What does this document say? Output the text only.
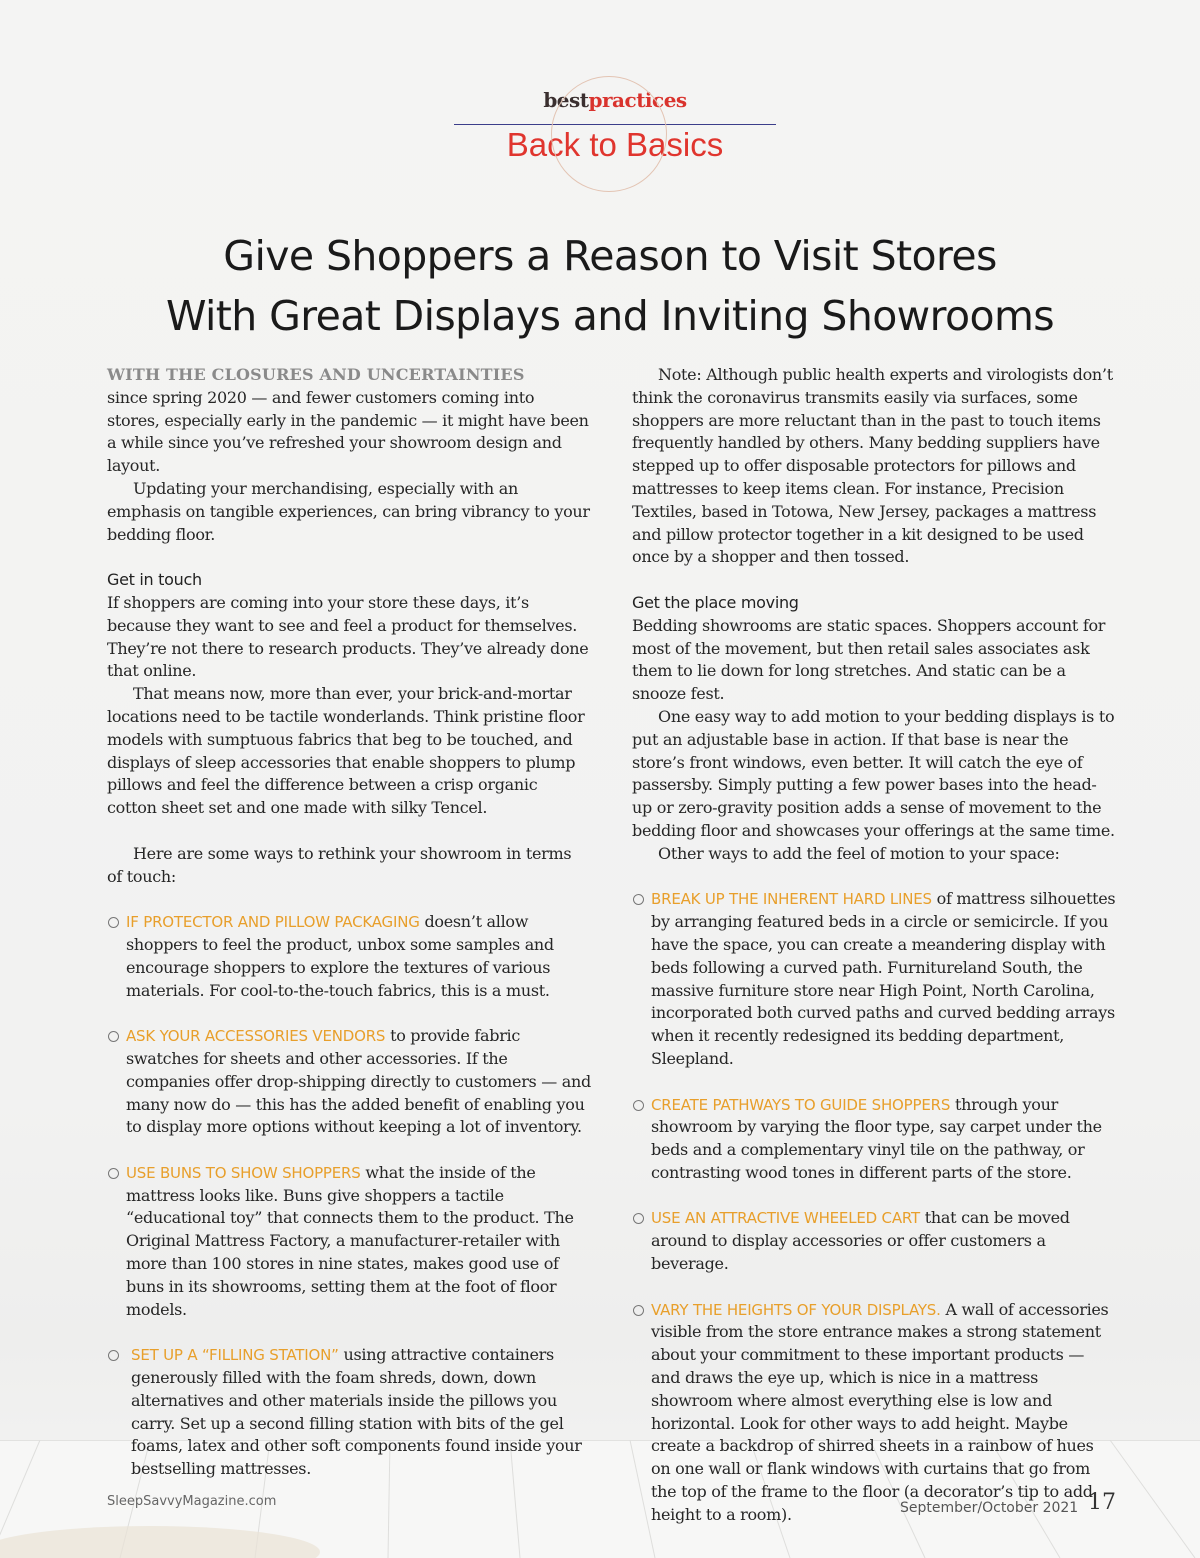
bestpractices
Back to Basics
Give Shoppers a Reason to Visit Stores
With Great Displays and Inviting Showrooms

WITH THE CLOSURES AND UNCERTAINTIES
since spring 2020 — and fewer customers coming into stores, especially early in the pandemic — it might have been a while since you’ve refreshed your showroom design and layout.

Updating your merchandising, especially with an emphasis on tangible experiences, can bring vibrancy to your bedding floor.

Get in touch

If shoppers are coming into your store these days, it’s because they want to see and feel a product for themselves. They’re not there to research products. They’ve already done that online.

That means now, more than ever, your brick-and-mortar locations need to be tactile wonderlands. Think pristine floor models with sumptuous fabrics that beg to be touched, and displays of sleep accessories that enable shoppers to plump pillows and feel the difference between a crisp organic cotton sheet set and one made with silky Tencel.

Here are some ways to rethink your showroom in terms of touch:

IF PROTECTOR AND PILLOW PACKAGING doesn’t allow shoppers to feel the product, unbox some samples and encourage shoppers to explore the textures of various materials. For cool-to-the-touch fabrics, this is a must.

ASK YOUR ACCESSORIES VENDORS to provide fabric swatches for sheets and other accessories. If the companies offer drop-shipping directly to customers — and many now do — this has the added benefit of enabling you to display more options without keeping a lot of inventory.

USE BUNS TO SHOW SHOPPERS what the inside of the mattress looks like. Buns give shoppers a tactile “educational toy” that connects them to the product. The Original Mattress Factory, a manufacturer-retailer with more than 100 stores in nine states, makes good use of buns in its showrooms, setting them at the foot of floor models.

SET UP A “FILLING STATION” using attractive containers generously filled with the foam shreds, down, down alternatives and other materials inside the pillows you carry. Set up a second filling station with bits of the gel foams, latex and other soft components found inside your bestselling mattresses.

Note: Although public health experts and virologists don’t think the coronavirus transmits easily via surfaces, some shoppers are more reluctant than in the past to touch items frequently handled by others. Many bedding suppliers have stepped up to offer disposable protectors for pillows and mattresses to keep items clean. For instance, Precision Textiles, based in Totowa, New Jersey, packages a mattress and pillow protector together in a kit designed to be used once by a shopper and then tossed.

Get the place moving

Bedding showrooms are static spaces. Shoppers account for most of the movement, but then retail sales associates ask them to lie down for long stretches. And static can be a snooze fest.

One easy way to add motion to your bedding displays is to put an adjustable base in action. If that base is near the store’s front windows, even better. It will catch the eye of passersby. Simply putting a few power bases into the head-up or zero-gravity position adds a sense of movement to the bedding floor and showcases your offerings at the same time.

Other ways to add the feel of motion to your space:

BREAK UP THE INHERENT HARD LINES of mattress silhouettes by arranging featured beds in a circle or semicircle. If you have the space, you can create a meandering display with beds following a curved path. Furnitureland South, the massive furniture store near High Point, North Carolina, incorporated both curved paths and curved bedding arrays when it recently redesigned its bedding department, Sleepland.

CREATE PATHWAYS TO GUIDE SHOPPERS through your showroom by varying the floor type, say carpet under the beds and a complementary vinyl tile on the pathway, or contrasting wood tones in different parts of the store.

USE AN ATTRACTIVE WHEELED CART that can be moved around to display accessories or offer customers a beverage.

VARY THE HEIGHTS OF YOUR DISPLAYS. A wall of accessories visible from the store entrance makes a strong statement about your commitment to these important products — and draws the eye up, which is nice in a mattress showroom where almost everything else is low and horizontal. Look for other ways to add height. Maybe create a backdrop of shirred sheets in a rainbow of hues on one wall or flank windows with curtains that go from the top of the frame to the floor (a decorator’s tip to add height to a room).

SleepSavvyMagazine.com	September/October 2021 17
